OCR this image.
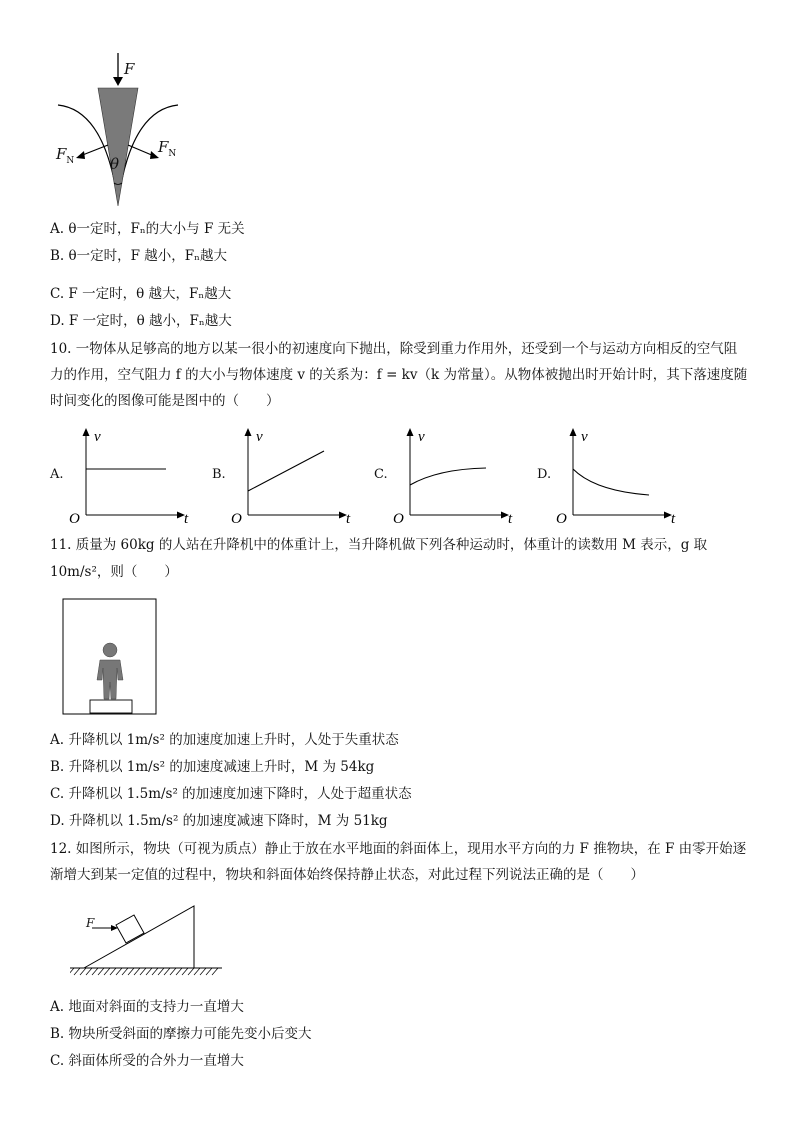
F
$F_N$
$F_N$
θ
A. θ一定时，Fₙ的大小与 F 无关
B. θ一定时，F 越小，Fₙ越大
C. F 一定时，θ 越大，Fₙ越大
D. F 一定时，θ 越小，Fₙ越大
10. 一物体从足够高的地方以某一很小的初速度向下抛出，除受到重力作用外，还受到一个与运动方向相反的空气阻力的作用，空气阻力 f 的大小与物体速度 v 的关系为：f = kv（k 为常量）。从物体被抛出时开始计时，其下落速度随时间变化的图像可能是图中的（　　）
A.
v
t
O
B.
v
t
O
C.
v
t
O
D.
v
t
O
11. 质量为 60kg 的人站在升降机中的体重计上，当升降机做下列各种运动时，体重计的读数用 M 表示，g 取
10m/s²，则（　　）
A. 升降机以 1m/s² 的加速度加速上升时，人处于失重状态
B. 升降机以 1m/s² 的加速度减速上升时，M 为 54kg
C. 升降机以 1.5m/s² 的加速度加速下降时，人处于超重状态
D. 升降机以 1.5m/s² 的加速度减速下降时，M 为 51kg
12. 如图所示，物块（可视为质点）静止于放在水平地面的斜面体上，现用水平方向的力 F 推物块，在 F 由零开始逐渐增大到某一定值的过程中，物块和斜面体始终保持静止状态，对此过程下列说法正确的是（　　）
F
A. 地面对斜面的支持力一直增大
B. 物块所受斜面的摩擦力可能先变小后变大
C. 斜面体所受的合外力一直增大
